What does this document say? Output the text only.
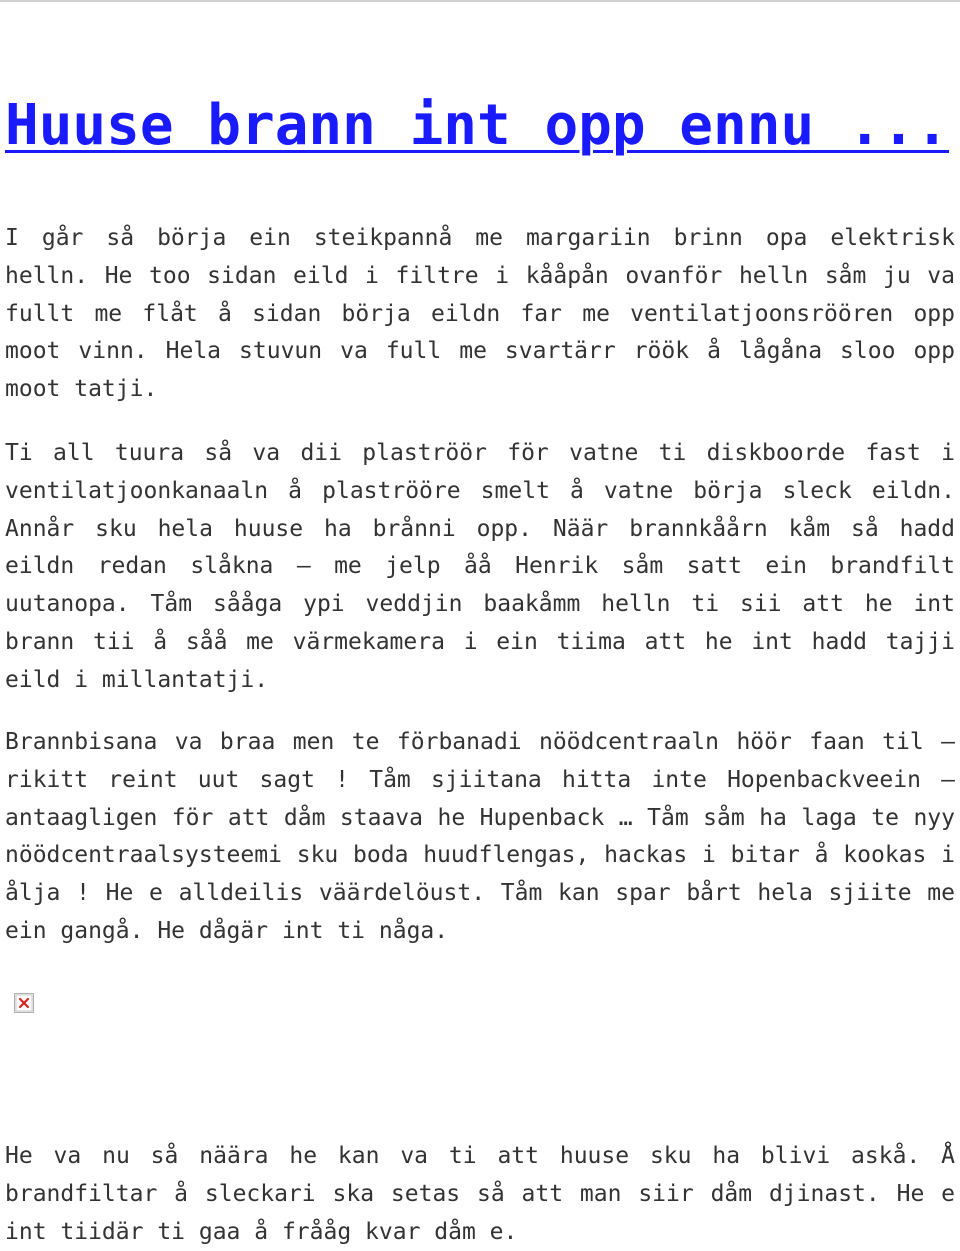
Huuse brann int opp ennu ...

I går så börja ein steikpannå me margariin brinn opa elektrisk helln. He too sidan eild i filtre i kååpån ovanför helln såm ju va fullt me flåt å sidan börja eildn far me ventilatjoonsröören opp moot vinn. Hela stuvun va full me svartärr röök å lågåna sloo opp moot tatji.

Ti all tuura så va dii plaströör för vatne ti diskboorde fast i ventilatjoonkanaaln å plaströöre smelt å vatne börja sleck eildn. Annår sku hela huuse ha brånni opp. Näär brannkåårn kåm så hadd eildn redan slåkna – me jelp åå Henrik såm satt ein brandfilt uutanopa. Tåm sååga ypi veddjin baakåmm helln ti sii att he int brann tii å såå me värmekamera i ein tiima att he int hadd tajji eild i millantatji.

Brannbisana va braa men te förbanadi nöödcentraaln höör faan til – rikitt reint uut sagt ! Tåm sjiitana hitta inte Hopenbackveein – antaagligen för att dåm staava he Hupenback … Tåm såm ha laga te nyy nöödcentraalsysteemi sku boda huudflengas, hackas i bitar å kookas i ålja ! He e alldeilis väärdelöust. Tåm kan spar bårt hela sjiite me ein gangå. He dågär int ti någa.

He va nu så näära he kan va ti att huuse sku ha blivi askå. Å brandfiltar å sleckari ska setas så att man siir dåm djinast. He e int tiidär ti gaa å frååg kvar dåm e.
